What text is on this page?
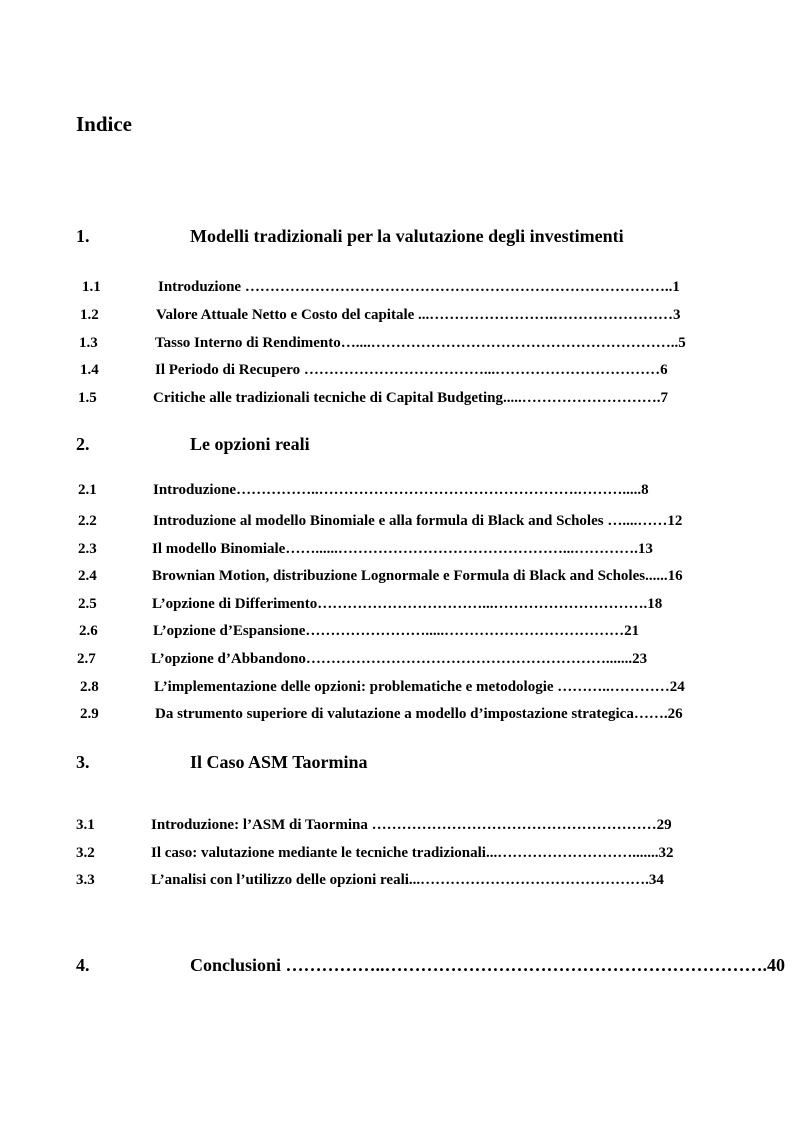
Indice
1.	Modelli tradizionali per la valutazione degli investimenti
1.1	Introduzione …………………………………………………………………………..1
1.2	Valore Attuale Netto e Costo del capitale ...…………………….……………………3
1.3	Tasso Interno di Rendimento…....……………………………………………………..5
1.4	Il Periodo di Recupero ………………………………...……………………………6
1.5	Critiche alle tradizionali tecniche di Capital Budgeting.....……………………….7
2.	Le opzioni reali
2.1	Introduzione……………..…………………………………………….……….....8
2.2	Introduzione al modello Binomiale e alla formula di Black and Scholes …....……12
2.3	Il modello Binomiale……......………………………………………...………….13
2.4	Brownian Motion, distribuzione Lognormale e Formula di Black and Scholes......16
2.5	L’opzione di Differimento……………………………...………………………….18
2.6	L’opzione d’Espansione…………………….....………………………………21
2.7	L’opzione d’Abbandono…………………………………………………….......23
2.8	L’implementazione delle opzioni: problematiche e metodologie ………..…………24
2.9	Da strumento superiore di valutazione a modello d’impostazione strategica…….26
3.	Il Caso ASM Taormina
3.1	Introduzione: l’ASM di Taormina …………………………………………………29
3.2	Il caso: valutazione mediante le tecniche tradizionali...……………………….......32
3.3	L’analisi con l’utilizzo delle opzioni reali...……………………………………….34
4.	Conclusioni ……………..……………………………………………………….40
